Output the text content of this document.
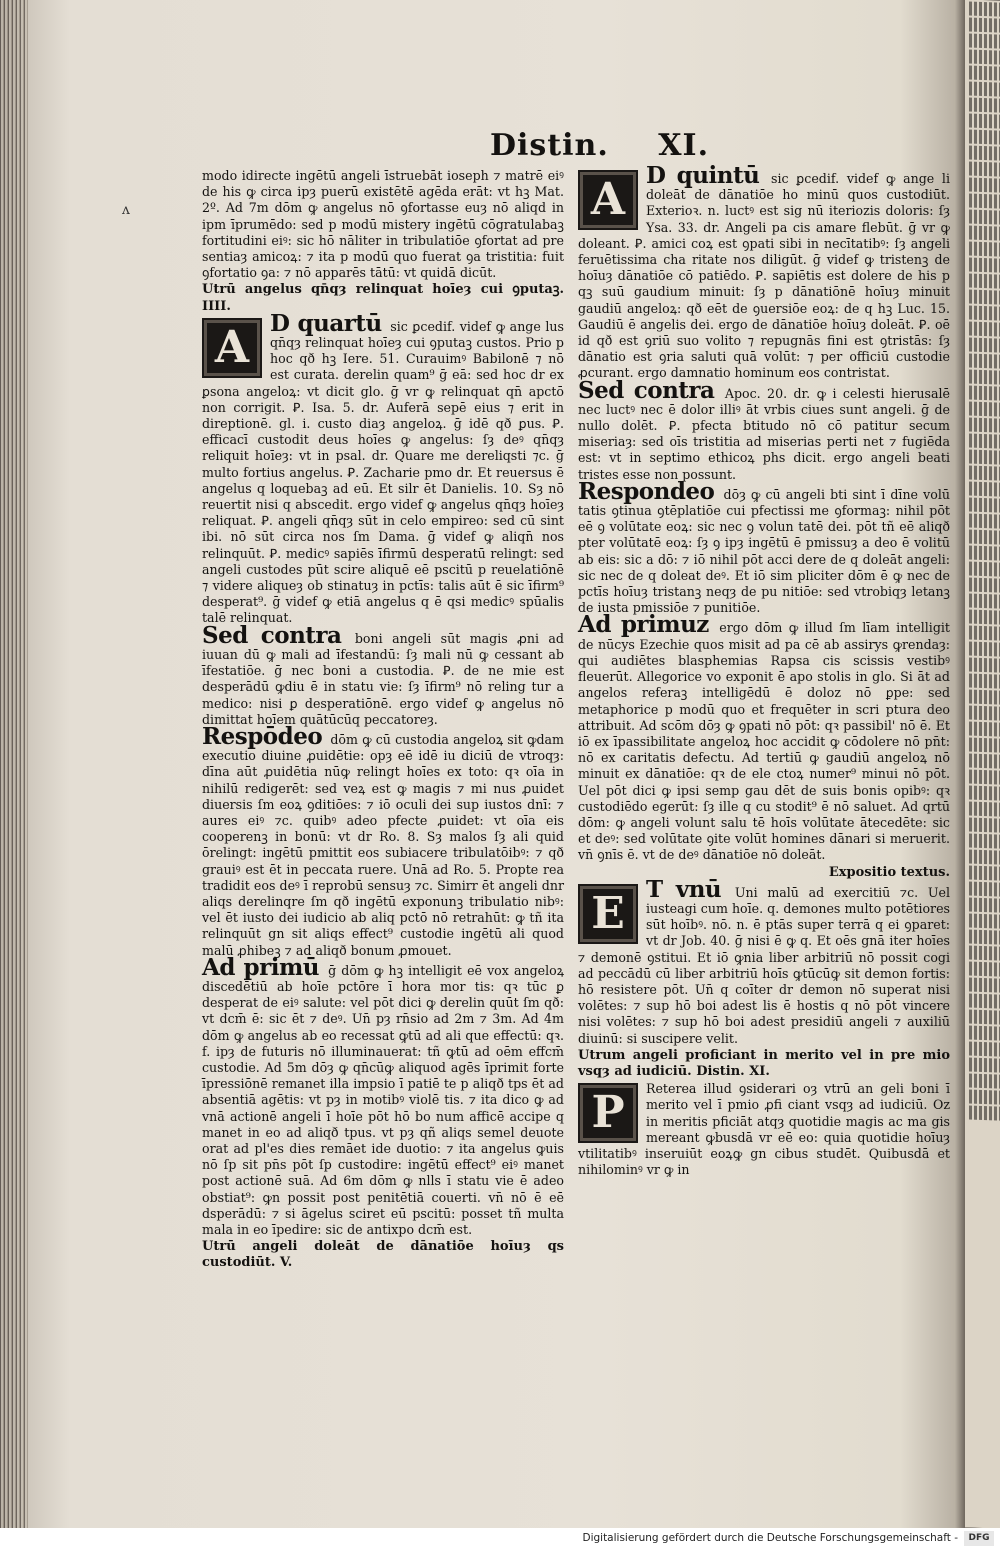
ʌ
Distin. XI.

modo idirecte ingētū angeli īstruebāt ioseph ⁊ matrē eiꝰ de his ꝙ circa ipȝ puerū existētē agēda erāt: vt hꝫ Mat. 2º. Ad 7m dōm ꝙ angelus nō ꝯfortasse euȝ nō aliqd in ipm īprumēdo: sed p modū mistery ingētū cōgratulabaꝫ fortitudini eiꝰ: sic hō nāliter in tribulatiōe ꝯfortat ad pre sentiaȝ amicoꝝ: ⁊ ita p modū quo fuerat ꝯa tristitia: fuit ꝯfortatio ꝯa: ⁊ nō apparēs tātū: vt quidā dicūt.

Utrū angelus qn̄qȝ relinquat hoīeȝ cui ꝯputaꝫ. IIII.

A D quartū sic ꝑcedif. videf ꝙ ange lus qn̄qȝ relinquat hoīeȝ cui ꝯputaꝫ custos. Prio p hoc qð hꝫ Iere. 51. Curauimꝰ Babilonē ⁊ nō est curata. derelin quam⁹ ḡ eā: sed hoc dr ex ꝑsona angeloꝝ: vt dicit glo. ḡ vr ꝙ relinquat qn̄ apctō non corrigit. Ꝑ. Isa. 5. dr. Auferā sepē eius ⁊ erit in direptionē. gl. i. custo diaȝ angeloꝝ. ḡ idē qð ꝑus. Ꝑ. efficacī custodit deus hoīes ꝙ angelus: ſȝ deꝰ qn̄qȝ reliquit hoīeȝ: vt in psal. dr. Quare me dereliqsti ⁊c. ḡ multo fortius angelus. Ꝑ. Zacharie pmo dr. Et reuersus ē angelus q loquebaꝫ ad eū. Et silr ēt Danielis. 10. Sȝ nō reuertit nisi q abscedit. ergo videf ꝙ angelus qn̄qȝ hoīeȝ reliquat. Ꝑ. angeli qn̄qȝ sūt in celo empireo: sed cū sint ibi. nō sūt circa nos ſm Dama. ḡ videf ꝙ aliqn̄ nos relinquūt. Ꝑ. medicꝰ sapiēs īfirmū desperatū relingt: sed angeli custodes pūt scire aliquē eē pscitū p reuelatiōnē ⁊ videre aliqueȝ ob stinatuȝ in pctīs: talis aūt ē sic īfirm⁹ desperat⁹. ḡ videf ꝙ etiā angelus q ē qsi medicꝰ spūalis talē relinquat.

Sed contra boni angeli sūt magis ꝓni ad iuuan dū ꝙ mali ad īfestandū: ſȝ mali nū ꝙ cessant ab īfestatiōe. ḡ nec boni a custodia. Ꝑ. de ne mie est desperādū ꝙdiu ē in statu vie: ſȝ īfirm⁹ nō reling tur a medico: nisi ꝑ desperatiōnē. ergo videf ꝙ angelus nō dimittat hoīem quātūcūq peccatoreȝ.

Respōdeo dōm ꝙ cū custodia angeloꝝ sit ꝙdam executio diuine ꝓuidētie: opȝ eē idē iu diciū de vtroqȝ: dīna aūt ꝓuidētia nūꝙ relingt hoīes ex toto: qꝛ oīa in nihilū redigerēt: sed veꝝ est ꝙ magis ⁊ mi nus ꝓuidet diuersis ſm eoꝝ ꝯditiōes: ⁊ iō oculi dei sup iustos dnī: ⁊ aures eiꝰ ⁊c. quibꝰ adeo pfecte ꝓuidet: vt oīa eis cooperenꝫ in bonū: vt dr Ro. 8. Sȝ malos ſȝ ali quid ōrelingt: ingētū pmittit eos subiacere tribulatōibꝰ: ⁊ qð grauiꝰ est ēt in peccata ruere. Unā ad Ro. 5. Propte rea tradidit eos deꝰ ī reprobū sensuȝ ⁊c. Simirr ēt angeli dnr aliqs derelinqre ſm qð ingētū exponunꝫ tribulatio nibꝰ: vel ēt iusto dei iudicio ab aliq pctō nō retrahūt: ꝙ tñ ita relinquūt gn sit aliqs effect⁹ custodie ingētū ali quod malū ꝓhibeꝫ ⁊ ad aliqð bonum ꝓmouet.

Ad primū ḡ dōm ꝙ hꝫ intelligit eē vox angeloꝝ discedētiū ab hoīe pctōre ī hora mor tis: qꝛ tūc ꝑ desperat de eiꝰ salute: vel pōt dici ꝙ derelin quūt ſm qð: vt dcm̄ ē: sic ēt ⁊ deꝰ. Un̄ pȝ rn̄sio ad 2m ⁊ 3m. Ad 4m dōm ꝙ angelus ab eo recessat ꝙtū ad ali que effectū: qꝛ. f. ipȝ de futuris nō illuminauerat: tñ ꝙtū ad oēm effcm̄ custodie. Ad 5m dōȝ ꝙ qn̄cūꝙ aliquod agēs īprimit forte īpressiōnē remanet illa impsio ī patiē te p aliqð tps ēt ad absentiā agētis: vt pȝ in motibꝰ violē tis. ⁊ ita dico ꝙ ad vnā actionē angeli ī hoīe pōt hō bo num afficē accipe q manet in eo ad aliqð tpus. vt pȝ qñ aliqs semel deuote orat ad pl'es dies remāet ide duotio: ⁊ ita angelus ꝙuis nō ſp sit pn̄s pōt ſp custodire: ingētū effect⁹ eiꝰ manet post actionē suā. Ad 6m dōm ꝙ nlls ī statu vie ē adeo obstiat⁹: ꝙn possit post penitētiā couerti. vn̄ nō ē eē dsperādū: ⁊ si āgelus sciret eū pscitū: posset tñ multa mala in eo īpedire: sic de antixpo dcm̄ est.

Utrū angeli doleāt de dānatiōe hoīuȝ qs custodiūt. V.

A D quintū sic ꝑcedif. videf ꝙ ange li doleāt de dānatiōe ho minū quos custodiūt. Exterioꝛ. n. luctꝰ est sig nū iteriozis doloris: ſȝ Ysa. 33. dr. Angeli pa cis amare flebūt. ḡ vr ꝙ doleant. Ꝑ. amici coꝝ est ꝯpati sibi in necītatibꝰ: ſȝ angeli feruētissima cha ritate nos diligūt. ḡ videf ꝙ tristenꝫ de hoīuȝ dānatiōe cō patiēdo. Ꝑ. sapiētis est dolere de his p qꝫ suū gaudium minuit: ſȝ p dānatiōnē hoīuȝ minuit gaudiū angeloꝝ: qð eēt de ꝯuersiōe eoꝝ: de q hꝫ Luc. 15. Gaudiū ē angelis dei. ergo de dānatiōe hoīuȝ doleāt. Ꝑ. oē id qð est ꝯriū suo volito ⁊ repugnās fini est ꝯtristās: ſȝ dānatio est ꝯria saluti quā volūt: ⁊ per officiū custodie ꝓcurant. ergo damnatio hominum eos contristat.

Sed contra Apoc. 20. dr. ꝙ i celesti hierusalē nec luctꝰ nec ē dolor illiꝰ āt vrbis ciues sunt angeli. ḡ de nullo dolēt. Ꝑ. pfecta btitudo nō cō patitur secum miseriaȝ: sed oīs tristitia ad miserias perti net ⁊ fugiēda est: vt in septimo ethicoꝝ phs dicit. ergo angeli beati tristes esse non possunt.

Respondeo dōȝ ꝙ cū angeli bti sint ī dīne volū tatis ꝯtinua ꝯtēplatiōe cui pfectissi me ꝯformaꝫ: nihil pōt eē ꝯ volūtate eoꝝ: sic nec ꝯ volun tatē dei. pōt tñ eē aliqð pter volūtatē eoꝝ: ſȝ ꝯ ipȝ ingētū ē pmissuȝ a deo ē volitū ab eis: sic a dō: ⁊ iō nihil pōt acci dere de q doleāt angeli: sic nec de q doleat deꝰ. Et iō sim pliciter dōm ē ꝙ nec de pctīs hoīuȝ tristanꝫ neqȝ de pu nitiōe: sed vtrobiqȝ letanꝫ de iusta pmissiōe ⁊ punitiōe.

Ad primuz ergo dōm ꝙ illud ſm līam intelligit de nūcys Ezechie quos misit ad pa cē ab assirys ꝙrendaȝ: qui audiētes blasphemias Rapsa cis scissis vestibꝰ fleuerūt. Allegorice vo exponit ē apo stolis in glo. Si āt ad angelos referaꝫ intelligēdū ē doloz nō ꝑpe: sed metaphorice p modū quo et frequēter in scri ptura deo attribuit. Ad scōm dōȝ ꝙ ꝯpati nō pōt: qꝛ passibil' nō ē. Et iō ex īpassibilitate angeloꝝ hoc accidit ꝙ cōdolere nō pn̄t: nō ex caritatis defectu. Ad tertiū ꝙ gaudiū angeloꝝ nō minuit ex dānatiōe: qꝛ de ele ctoꝝ numer⁹ minui nō pōt. Uel pōt dici ꝙ ipsi semp gau dēt de suis bonis opibꝰ: qꝛ custodiēdo egerūt: ſȝ ille q cu stodit⁹ ē nō saluet. Ad qrtū dōm: ꝙ angeli volunt salu tē hoīs volūtate ātecedēte: sic et deꝰ: sed volūtate ꝯite volūt homines dānari si meruerit. vn̄ ꝯnīs ē. vt de deꝰ dānatiōe nō doleāt.

Expositio textus.

E T vnū Uni malū ad exercitiū ⁊c. Uel iusteagi cum hoīe. q. demones multo potētiores sūt hoībꝰ. nō. n. ē ptās super terrā q ei ꝯparet: vt dr Job. 40. ḡ nisi ē ꝙ q. Et oēs gnā iter hoīes ⁊ demonē ꝯstitui. Et iō ꝙnia liber arbitriū nō possit cogi ad peccādū cū liber arbitriū hoīs ꝙtūcūꝙ sit demon fortis: hō resistere pōt. Un̄ q coīter dr demon nō superat nisi volētes: ⁊ sup hō boi adest lis ē hostis q nō pōt vincere nisi volētes: ⁊ sup hō boi adest presidiū angeli ⁊ auxiliū diuinū: si suscipere velit.

Utrum angeli proficiant in merito vel in pre mio vsqȝ ad iudiciū. Distin. XI.

P	Reterea illud ꝯsiderari oȝ vtrū an geli boni ī merito vel ī pmio ꝓfi ciant vsqȝ ad iudiciū. Oz in meritis pficiāt atqȝ quotidie magis ac ma gis mereant ꝙbusdā vr eē eo: quia quotidie hoīuȝ vtilitatibꝰ inseruiūt eoꝝꝙ gn cibus studēt. Quibusdā et nihilominꝰ vr ꝙ in

Digitalisierung gefördert durch die Deutsche Forschungsgemeinschaft -	DFG
